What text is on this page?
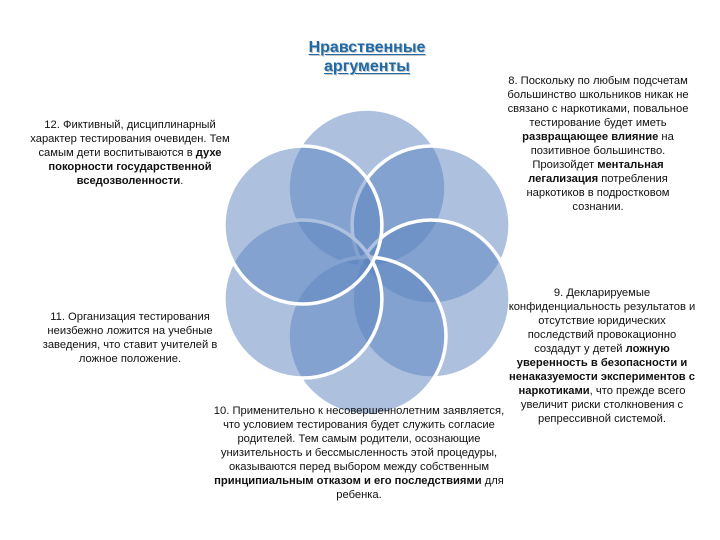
Нравственные
аргументы
12. Фиктивный, дисциплинарный характер тестирования очевиден. Тем самым дети воспитываются в духе покорности государственной вседозволенности.
11. Организация тестирования неизбежно ложится на учебные заведения, что ставит учителей в ложное положение.
8. Поскольку по любым подсчетам большинство школьников никак не связано с наркотиками, повальное тестирование будет иметь развращающее влияние на позитивное большинство. Произойдет ментальная легализация потребления наркотиков в подростковом сознании.
9. Декларируемые конфиденциальность результатов и отсутствие юридических последствий провокационно создадут у детей ложную уверенность в безопасности и ненаказуемости экспериментов с наркотиками, что прежде всего увеличит риски столкновения с репрессивной системой.
10. Применительно к несовершеннолетним заявляется, что условием тестирования будет служить согласие родителей. Тем самым родители, осознающие унизительность и бессмысленность этой процедуры, оказываются перед выбором между собственным принципиальным отказом и его последствиями для ребенка.
